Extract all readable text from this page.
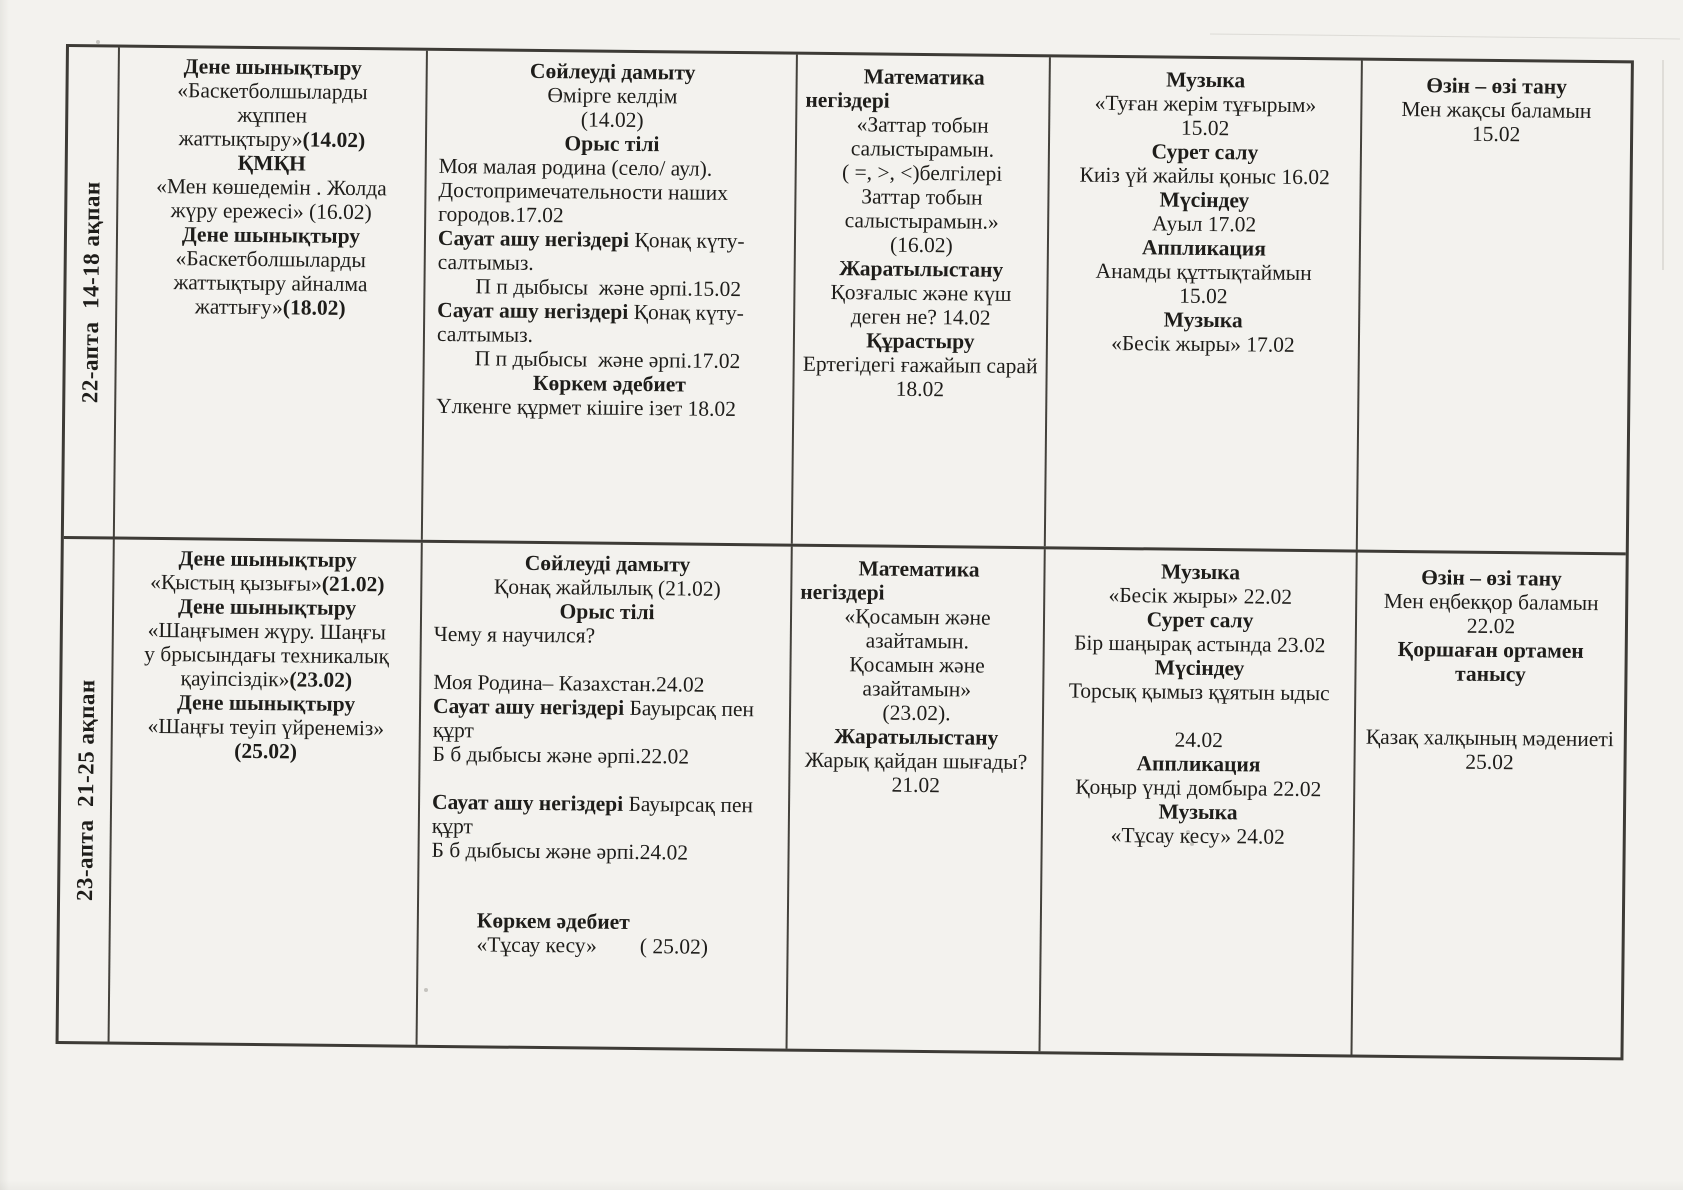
22-апта  14-18 ақпан

Дене шынықтыру

«Баскетболшыларды жұппен жаттықтыру»(14.02)

ҚМҚН

«Мен көшедемін . Жолда жүру ережесі» (16.02)

Дене шынықтыру

«Баскетболшыларды жаттықтыру айналма жаттығу»(18.02)

Сөйлеуді дамыту

Өмірге келдім

(14.02)

Орыс тілі

Моя малая родина (село/ аул). Достопримечательности наших городов.17.02

Сауат ашу негіздері Қонақ күту-салтымыз.

П п дыбысы  және әрпі.15.02

Сауат ашу негіздері Қонақ күту-салтымыз.

П п дыбысы  және әрпі.17.02

Көркем әдебиет

Үлкенге құрмет кішіге ізет 18.02

Математика негіздері

«Заттар тобын салыстырамын.

( =, >, <)белгілері

Заттар тобын салыстырамын.»

(16.02)

Жаратылыстану

Қозғалыс және күш деген не? 14.02

Құрастыру

Ертегідегі ғажайып сарай 18.02

Музыка

«Туған жерім тұғырым»

15.02

Сурет салу

Киіз үй жайлы қоныс 16.02

Мүсіндеу

Ауыл 17.02

Аппликация

Анамды құттықтаймын

15.02

Музыка

«Бесік жыры» 17.02

Өзін – өзі тану

Мен жақсы баламын

15.02

23-апта  21-25 ақпан

Дене шынықтыру

«Қыстың қызығы»(21.02)

Дене шынықтыру

«Шаңғымен жүру. Шаңғы у брысындағы техникалық қауіпсіздік»(23.02)

Дене шынықтыру

«Шаңғы теуіп үйренеміз»

(25.02)

Сөйлеуді дамыту

Қонақ жайлылық (21.02)

Орыс тілі

Чему я научился?

Моя Родина– Казахстан.24.02

Сауат ашу негіздері Бауырсақ пен құрт

Б б дыбысы және әрпі.22.02

Сауат ашу негіздері Бауырсақ пен құрт

Б б дыбысы және әрпі.24.02

Көркем әдебиет

«Тұсау кесу»        ( 25.02)

Математика негіздері

«Қосамын және азайтамын.

Қосамын және азайтамын»

(23.02).

Жаратылыстану

Жарық қайдан шығады? 21.02

Музыка

«Бесік жыры» 22.02

Сурет салу

Бір шаңырақ астында 23.02

Мүсіндеу

Торсық қымыз құятын ыдыс

24.02

Аппликация

Қоңыр үнді домбыра 22.02

Музыка

«Тұсау кесу» 24.02

Өзін – өзі тану

Мен еңбекқор баламын

22.02

Қоршаған ортамен танысу

Қазақ халқының мәдениеті 25.02
